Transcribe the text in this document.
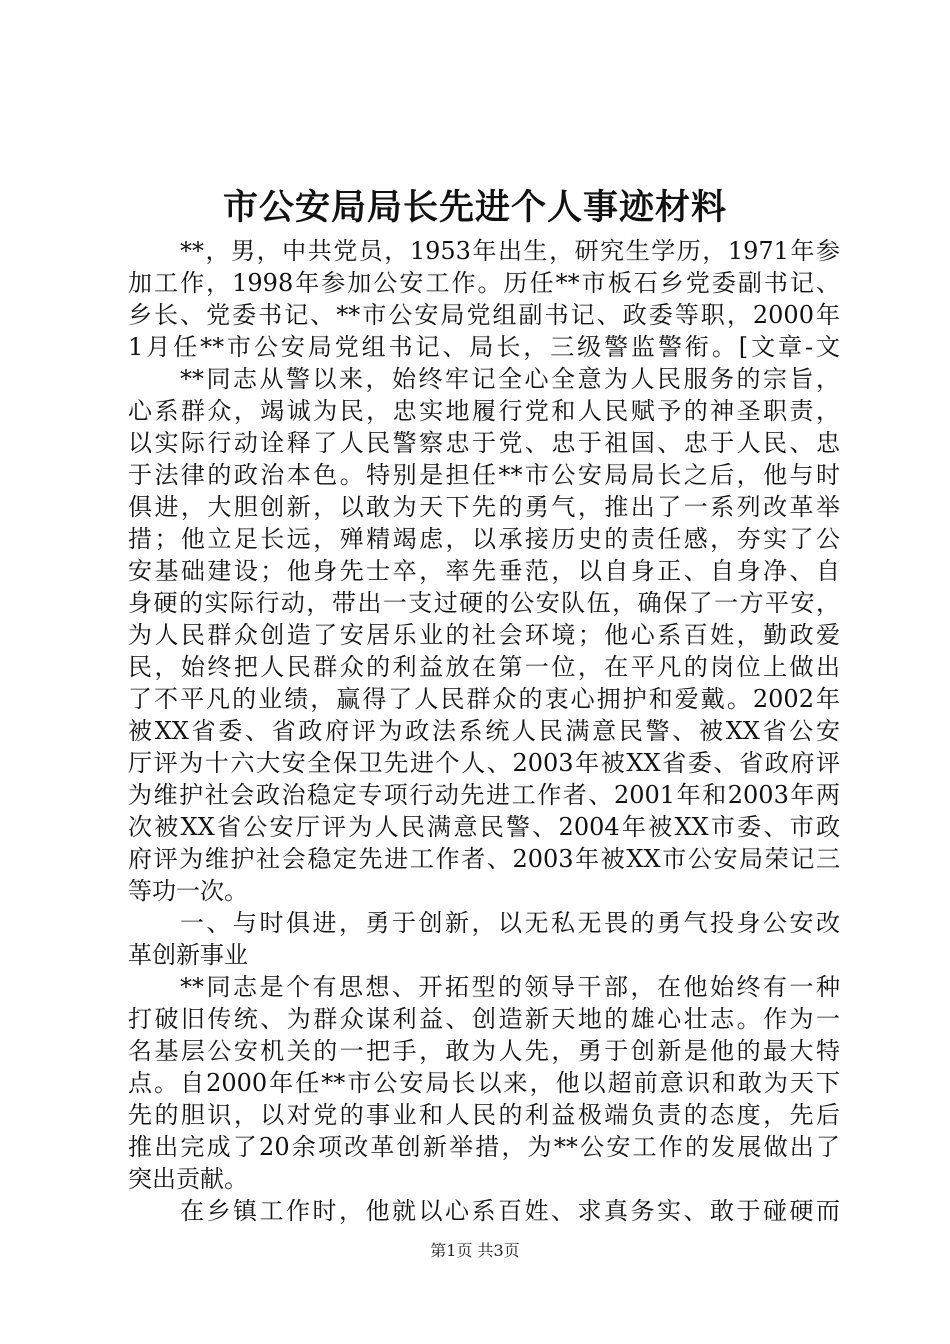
市公安局局长先进个人事迹材料
**，男，中共党员，1953年出生，研究生学历，1971年参
加工作，1998年参加公安工作。历任**市板石乡党委副书记、
乡长、党委书记、**市公安局党组副书记、政委等职，2000年
1月任**市公安局党组书记、局长，三级警监警衔。[文章-文
**同志从警以来，始终牢记全心全意为人民服务的宗旨，
心系群众，竭诚为民，忠实地履行党和人民赋予的神圣职责，
以实际行动诠释了人民警察忠于党、忠于祖国、忠于人民、忠
于法律的政治本色。特别是担任**市公安局局长之后，他与时
俱进，大胆创新，以敢为天下先的勇气，推出了一系列改革举
措；他立足长远，殚精竭虑，以承接历史的责任感，夯实了公
安基础建设；他身先士卒，率先垂范，以自身正、自身净、自
身硬的实际行动，带出一支过硬的公安队伍，确保了一方平安，
为人民群众创造了安居乐业的社会环境；他心系百姓，勤政爱
民，始终把人民群众的利益放在第一位，在平凡的岗位上做出
了不平凡的业绩，赢得了人民群众的衷心拥护和爱戴。2002年
被XX省委、省政府评为政法系统人民满意民警、被XX省公安
厅评为十六大安全保卫先进个人、2003年被XX省委、省政府评
为维护社会政治稳定专项行动先进工作者、2001年和2003年两
次被XX省公安厅评为人民满意民警、2004年被XX市委、市政
府评为维护社会稳定先进工作者、2003年被XX市公安局荣记三
等功一次。
一、与时俱进，勇于创新，以无私无畏的勇气投身公安改
革创新事业
**同志是个有思想、开拓型的领导干部，在他始终有一种
打破旧传统、为群众谋利益、创造新天地的雄心壮志。作为一
名基层公安机关的一把手，敢为人先，勇于创新是他的最大特
点。自2000年任**市公安局长以来，他以超前意识和敢为天下
先的胆识，以对党的事业和人民的利益极端负责的态度，先后
推出完成了20余项改革创新举措，为**公安工作的发展做出了
突出贡献。
在乡镇工作时，他就以心系百姓、求真务实、敢于碰硬而
第1页 共3页
